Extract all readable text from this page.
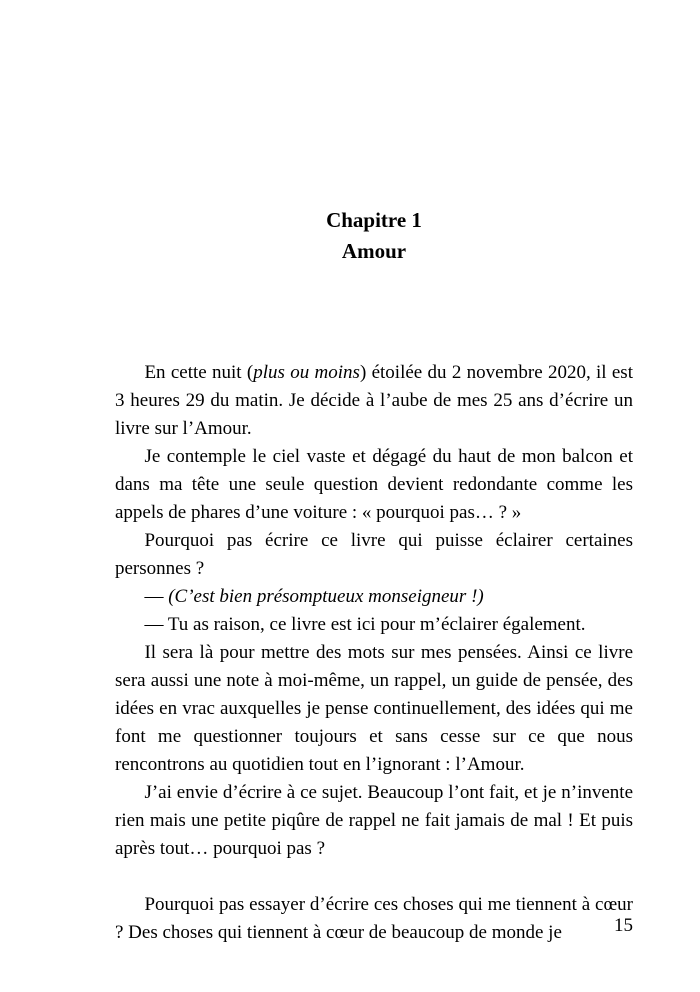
Chapitre 1
Amour

En cette nuit (plus ou moins) étoilée du 2 novembre 2020, il est 3 heures 29 du matin. Je décide à l’aube de mes 25 ans d’écrire un livre sur l’Amour.

Je contemple le ciel vaste et dégagé du haut de mon balcon et dans ma tête une seule question devient redondante comme les appels de phares d’une voiture : « pourquoi pas… ? »

Pourquoi pas écrire ce livre qui puisse éclairer certaines personnes ?

— (C’est bien présomptueux monseigneur !)

— Tu as raison, ce livre est ici pour m’éclairer également.

Il sera là pour mettre des mots sur mes pensées. Ainsi ce livre sera aussi une note à moi-même, un rappel, un guide de pensée, des idées en vrac auxquelles je pense continuellement, des idées qui me font me questionner toujours et sans cesse sur ce que nous rencontrons au quotidien tout en l’ignorant : l’Amour.

J’ai envie d’écrire à ce sujet. Beaucoup l’ont fait, et je n’invente rien mais une petite piqûre de rappel ne fait jamais de mal ! Et puis après tout… pourquoi pas ?

Pourquoi pas essayer d’écrire ces choses qui me tiennent à cœur ? Des choses qui tiennent à cœur de beaucoup de monde je	15
